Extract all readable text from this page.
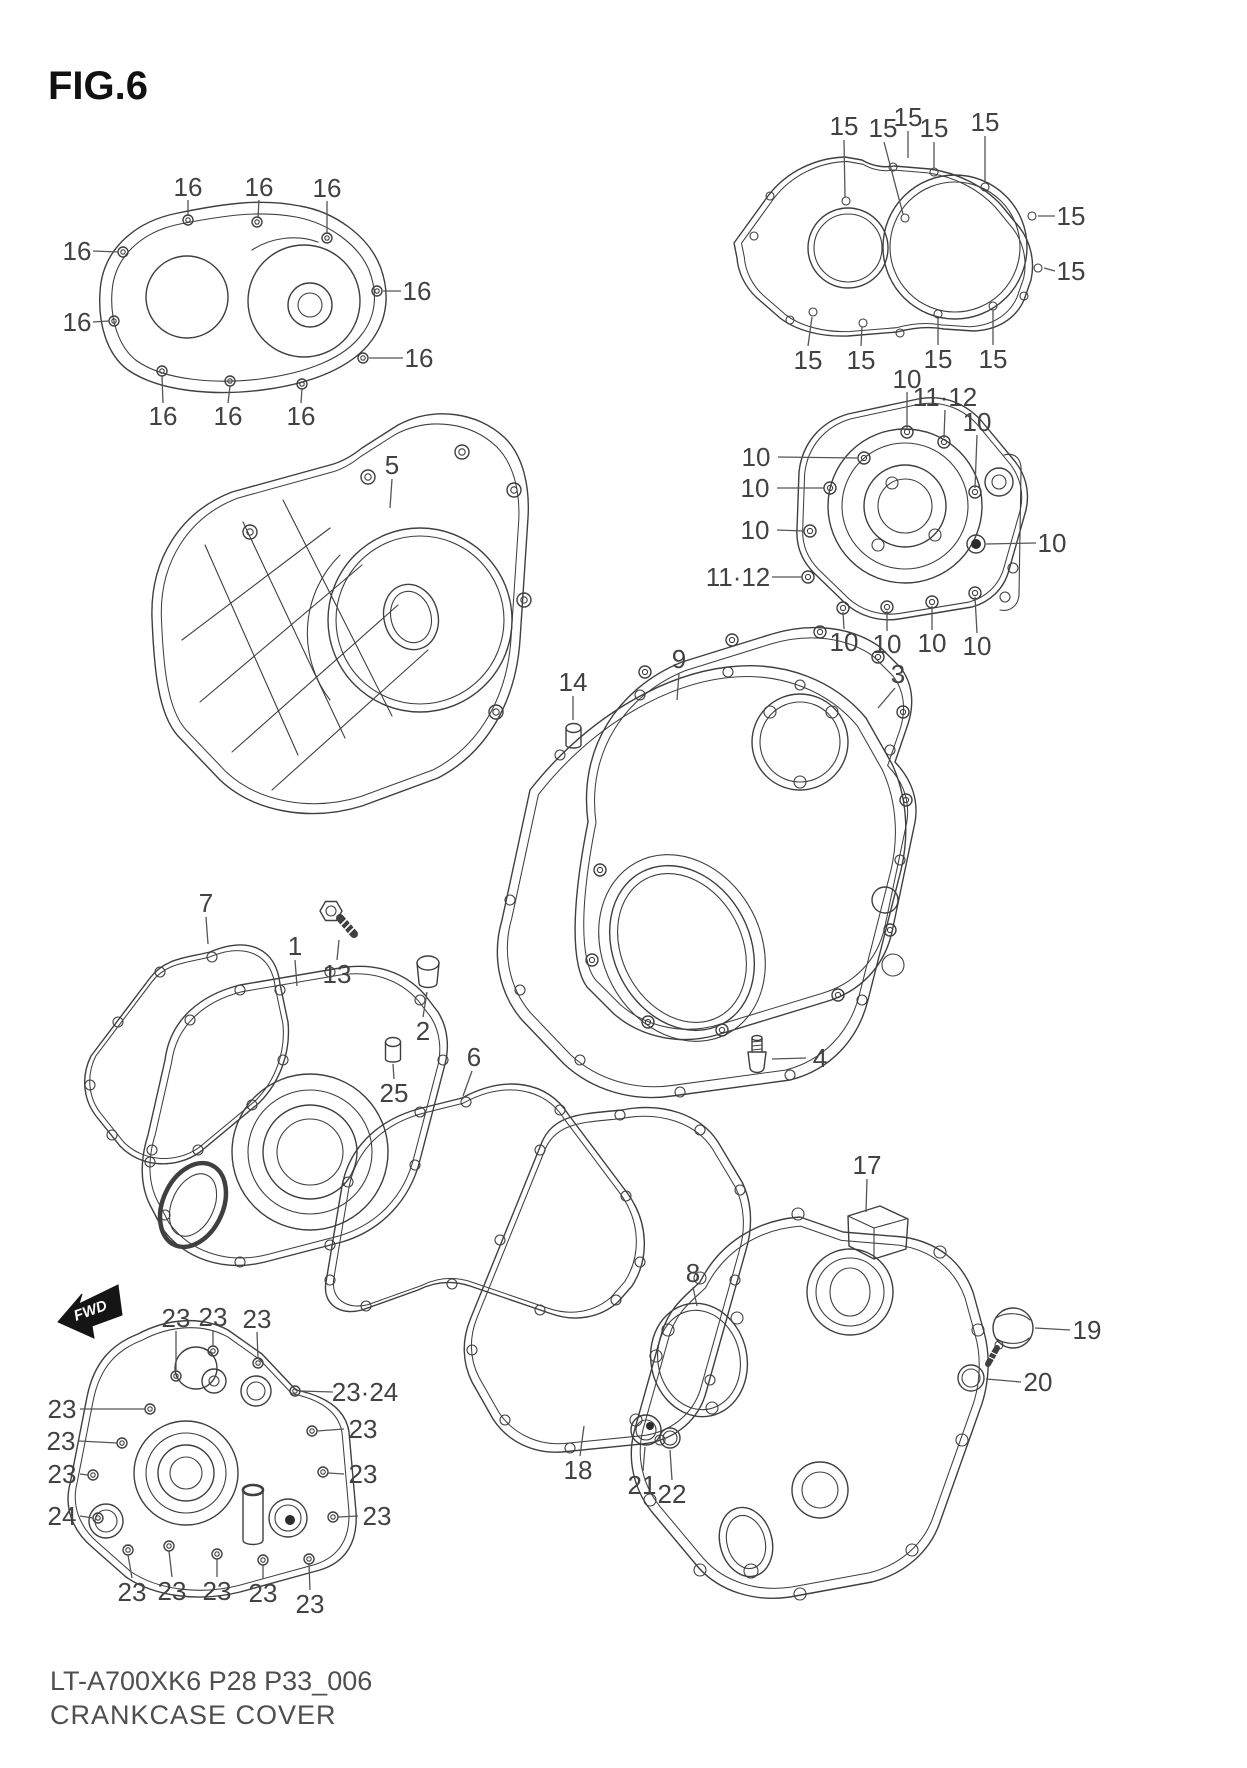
FIG.6
FWD
16 16 16
16
16
16
16
16 16 16
15 15
15
15 15
15
15
15 15 15 15
10
11·12
10
10
10
10
11·12
10
10 10 10 10
5
9
14	3
1
7
13
2
6
25
4
17
8
18 21 22
19
20
23 23 23
23·24
23
23
23
24
23
23
23
23 23 23 23 23
LT-A700XK6 P28 P33_006
CRANKCASE COVER
